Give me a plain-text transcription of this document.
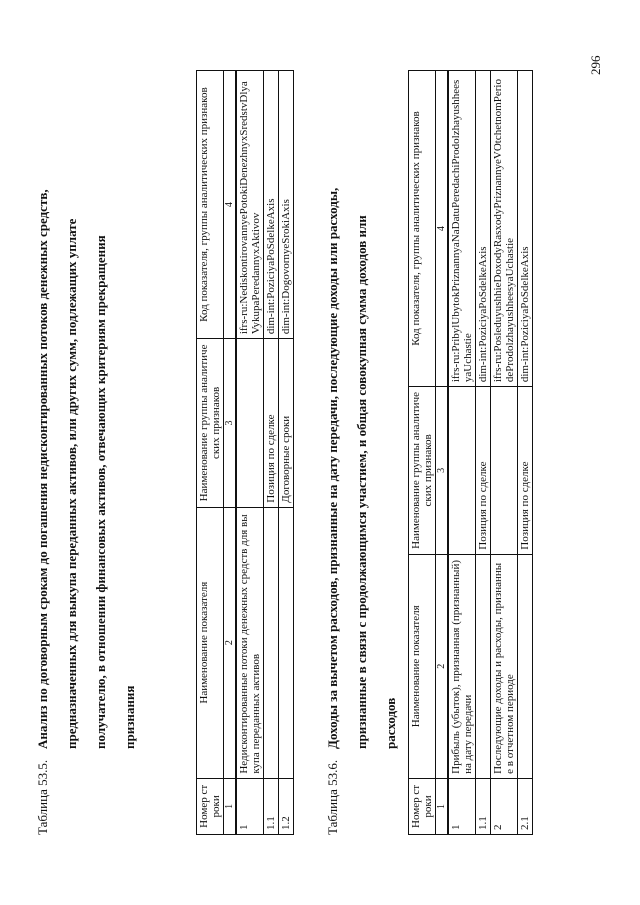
296
Таблица 53.5.Анализ по договорным срокам до погашения недисконтированных потоков денежных средств,	предназначенных для выкупа переданных активов, или других сумм, подлежащих уплате	получателю, в отношении финансовых активов, отвечающих критериям прекращения	признания
Номер строки	Наименование показателя	Наименование группы аналитических признаков	Код показателя, группы аналитических признаков
1	2	3	4
1	Недисконтированные потоки денежных средств для выкупа переданных активов		ifrs-ru:NediskontirovannyePotokiDenezhnyxSredstvDlyaVykupaPeredannyxAktivov
1.1		Позиция по сделке	dim-int:PoziciyaPoSdelkeAxis
1.2		Договорные сроки	dim-int:DogovornyeSrokiAxis
Таблица 53.6.Доходы за вычетом расходов, признанные на дату передачи, последующие доходы или расходы,	признанные в связи с продолжающимся участием, и общая совокупная сумма доходов или	расходов
Номер строки	Наименование показателя	Наименование группы аналитических признаков	Код показателя, группы аналитических признаков
1	2	3	4
1	Прибыль (убыток), признанная (признанный) на дату передачи		ifrs-ru:PribylUbytokPriznannyaNaDatuPeredachiProdolzhayushheesyaUchastie
1.1		Позиция по сделке	dim-int:PoziciyaPoSdelkeAxis
2	Последующие доходы и расходы, признанные в отчетном периоде		ifrs-ru:PosleduyushhieDoxodyRasxodyPriznannyeVOtchetnomPeriodeProdolzhayushheesyaUchastie
2.1		Позиция по сделке	dim-int:PoziciyaPoSdelkeAxis
